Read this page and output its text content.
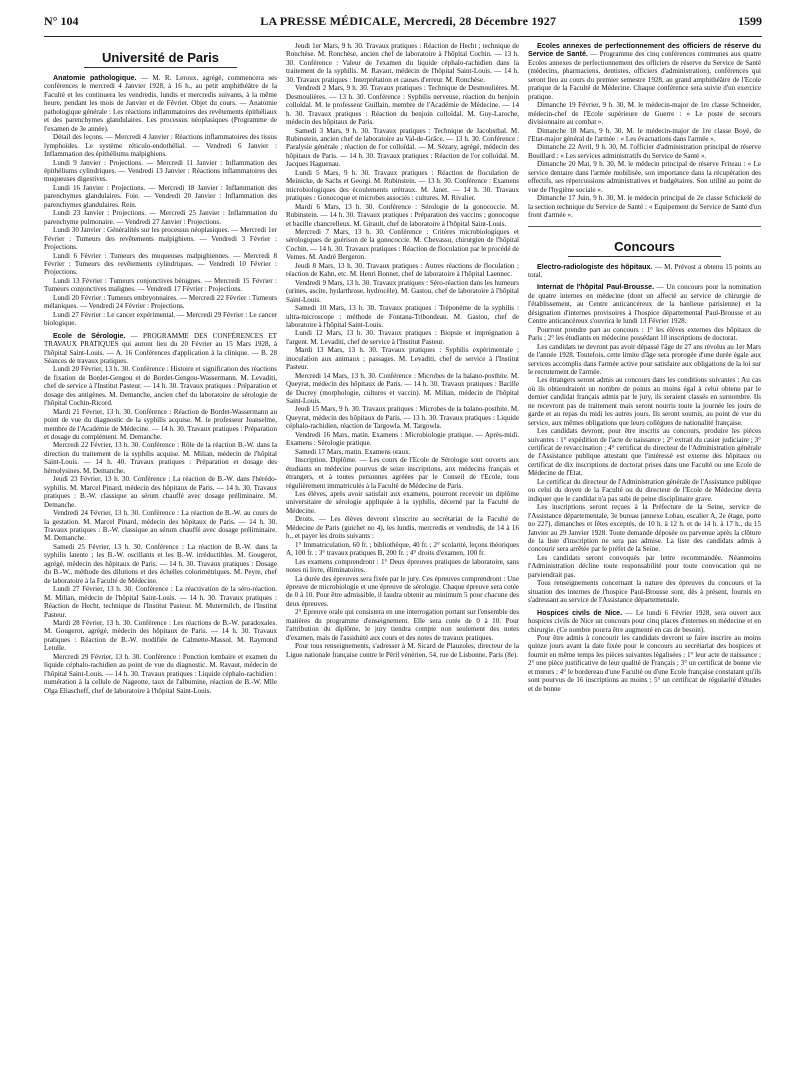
N° 104	LA PRESSE MÉDICALE, Mercredi, 28 Décembre 1927	1599
Université de Paris

Anatomie pathologique. — M. R. Leroux, agrégé, commencera ses conférences le mercredi 4 Janvier 1928, à 16 h., au petit amphithéâtre de la Faculté et les continuera les vendredis, lundis et mercredis suivants, à la même heure, pendant les mois de Janvier et de Février. Objet du cours. — Anatomie pathologique générale : Les réactions inflammatoires des revêtements épithéliaux et des parenchymes glandulaires. Les processus néoplasiques (Programme de l'examen de 3e année).

Détail des leçons. — Mercredi 4 Janvier : Réactions inflammatoires des tissus lymphoïdes. Le système réticulo-endothélial. — Vendredi 6 Janvier : Inflammation des épithéliums malpighiens.

Lundi 9 Janvier : Projections. — Mercredi 11 Janvier : Inflammation des épithéliums cylindriques. — Vendredi 13 Janvier : Réactions inflammatoires des muqueuses digestives.

Lundi 16 Janvier : Projections. — Mercredi 18 Janvier : Inflammation des parenchymes glandulaires. Foie. — Vendredi 20 Janvier : Inflammation des parenchymes glandulaires. Rein.

Lundi 23 Janvier : Projections. — Mercredi 25 Janvier : Inflammation du parenchyme pulmonaire. — Vendredi 27 Janvier : Projections.

Lundi 30 Janvier : Généralités sur les processus néoplasiques. — Mercredi 1er Février : Tumeurs des revêtements malpighiens. — Vendredi 3 Février : Projections.

Lundi 6 Février : Tumeurs des muqueuses malpighiennes. — Mercredi 8 Février : Tumeurs des revêtements cylindriques. — Vendredi 10 Février : Projections.

Lundi 13 Février : Tumeurs conjonctives bénignes. — Mercredi 15 Février : Tumeurs conjonctives malignes. — Vendredi 17 Février : Projections.

Lundi 20 Février : Tumeurs embryonnaires. — Mercredi 22 Février : Tumeurs mélaniques. — Vendredi 24 Février : Projections.

Lundi 27 Février : Le cancer expérimental. — Mercredi 29 Février : Le cancer biologique.

Ecole de Sérologie. — PROGRAMME DES CONFÉRENCES ET TRAVAUX PRATIQUES qui auront lieu du 20 Février au 15 Mars 1928, à l'hôpital Saint-Louis. — A. 16 Conférences d'application à la clinique. — B. 28 Séances de travaux pratiques.

Lundi 20 Février, 13 h. 30. Conférence : Histoire et signification des réactions de fixation de Bordet-Gengou et de Bordet-Gengou-Wassermann. M. Levaditi, chef de service à l'Institut Pasteur. — 14 h. 30. Travaux pratiques : Préparation et dosage des antigènes. M. Demanche, ancien chef du laboratoire de sérologie de l'hôpital Cochin-Ricord.

Mardi 21 Février, 13 h. 30. Conférence : Réaction de Bordet-Wassermann au point de vue du diagnostic de la syphilis acquise. M. le professeur Jeanselme, membre de l'Académie de Médecine. — 14 h. 30. Travaux pratiques : Préparation et dosage du complément. M. Demanche.

Mercredi 22 Février, 13 h. 30. Conférence : Rôle de la réaction B.-W. dans la direction du traitement de la syphilis acquise. M. Milian, médecin de l'hôpital Saint-Louis. — 14 h. 40. Travaux pratiques : Préparation et dosage des hémolysines. M. Demanche.

Jeudi 23 Février, 13 h. 30. Conférence : La réaction de B.-W. dans l'hérédo-syphilis. M. Marcel Pinard, médecin des hôpitaux de Paris. — 14 h. 30. Travaux pratiques : B.-W. classique au sérum chauffé avec dosage préliminaire. M. Demanche.

Vendredi 24 Février, 13 h. 30. Conférence : La réaction de B.-W. au cours de la gestation. M. Marcel Pinard, médecin des hôpitaux de Paris. — 14 h. 30. Travaux pratiques : B.-W. classique au sérum chauffé avec dosage préliminaire. M. Demanche.

Samedi 25 Février, 13 h. 30. Conférence : La réaction de B.-W. dans la syphilis latente ; les B.-W. oscillants et les B.-W. irréductibles. M. Gougerot, agrégé, médecin des hôpitaux de Paris. — 14 h. 30. Travaux pratiques : Dosage du B.-W., méthode des dilutions et des échelles colorimétriques. M. Peyre, chef de laboratoire à la Faculté de Médecine.

Lundi 27 Février, 13 h. 30. Conférence : La réactivation de la séro-réaction. M. Milian, médecin de l'hôpital Saint-Louis. — 14 h. 30. Travaux pratiques : Réaction de Hecht, technique de l'Institut Pasteur. M. Mutermilch, de l'Institut Pasteur.

Mardi 28 Février, 13 h. 30. Conférence : Les réactions de B.-W. paradoxales. M. Gougerot, agrégé, médecin des hôpitaux de Paris. — 14 h. 30. Travaux pratiques : Réaction de B.-W. modifiée de Calmette-Massol. M. Raymond Letulle.

Mercredi 29 Février, 13 h. 30. Conférence : Ponction lombaire et examen du liquide céphalo-rachidien au point de vue du diagnostic. M. Ravaut, médecin de l'hôpital Saint-Louis. — 14 h. 30. Travaux pratiques : Liquide céphalo-rachidien : numération à la cellule de Nageotte, taux de l'albumine, réaction de B.-W. Mlle Olga Eliascheff, chef de laboratoire à l'hôpital Saint-Louis.

Jeudi 1er Mars, 9 h. 30. Travaux pratiques : Réaction de Hecht ; technique de Ronchèse. M. Ronchèse, ancien chef de laboratoire à l'hôpital Cochin. — 13 h. 30. Conférence : Valeur de l'examen du liquide céphalo-rachidien dans la traitement de la syphilis. M. Ravaut, médecin de l'hôpital Saint-Louis. — 14 h. 30. Travaux pratiques : Interprétation et causes d'erreur. M. Ronchèse.

Vendredi 2 Mars, 9 h. 30. Travaux pratiques : Technique de Desmoulières. M. Desmoulières. — 13 h. 30. Conférence : Syphilis nerveuse, réaction du benjoin colloïdal. M. le professeur Guillain, membre de l'Académie de Médecine. — 14 h. 30. Travaux pratiques : Réaction du benjoin colloïdal. M. Guy-Laroche, médecin des hôpitaux de Paris.

Samedi 3 Mars, 9 h. 30. Travaux pratiques : Technique de Jacobsthal. M. Rubinstein, ancien chef de laboratoire au Val-de-Grâce. — 13 h. 30. Conférence : Paralysie générale ; réaction de l'or colloïdal. — M. Sézary, agrégé, médecin des hôpitaux de Paris. — 14 h. 30. Travaux pratiques : Réaction de l'or colloïdal. M. Jacques Haguenau.

Lundi 5 Mars, 9 h. 30. Travaux pratiques : Réaction de floculation de Meinicke, de Sachs et Georgi. M. Rubinstein. — 13 h. 30. Conférence : Examens microbiologiques des écoulements urétraux. M. Janet. — 14 h. 30. Travaux pratiques : Gonocoque et microbes associés : cultures. M. Rivalier.

Mardi 6 Mars, 13 h. 30. Conférence : Sérologie de la gonococcie. M. Rubinstein. — 14 h. 30. Travaux pratiques : Préparation des vaccins ; gonocoque et bacille chancrelleux. M. Girault, chef de laboratoire à l'hôpital Saint-Louis.

Mercredi 7 Mars, 13 h. 30. Conférence : Critères microbiologiques et sérologiques de guérison de la gonococcie. M. Chevassu, chirurgien de l'hôpital Cochin. — 14 h. 30. Travaux pratiques : Réaction de floculation par le procédé de Vernes. M. André Bergeron.

Jeudi 8 Mars, 13 h. 30. Travaux pratiques : Autres réactions de floculation ; réaction de Kahn, etc. M. Henri Bonnet, chef de laboratoire à l'hôpital Laennec.

Vendredi 9 Mars, 13 h. 30. Travaux pratiques : Séro-réaction dans les humeurs (urines, ascite, hydarthrose, hydrocèle). M. Gastou, chef de laboratoire à l'hôpital Saint-Louis.

Samedi 10 Mars, 13 h. 30. Travaux pratiques : Tréponème de la syphilis : ultra-microscope : méthode de Fontana-Tribondeau. M. Gastou, chef de laboratoire à l'hôpital Saint-Louis.

Lundi 12 Mars, 13 h. 30. Travaux pratiques : Biopsie et imprégnation à l'argent. M. Levaditi, chef de service à l'Institut Pasteur.

Mardi 13 Mars, 13 h. 30. Travaux pratiques : Syphilis expérimentale ; inoculation aux animaux ; passages. M. Levaditi, chef de service à l'Institut Pasteur.

Mercredi 14 Mars, 13 h. 30. Conférence : Microbes de la balano-posthite. M. Queyrat, médecin des hôpitaux de Paris. — 14 h. 30. Travaux pratiques : Bacille de Ducrey (morphologie, cultures et vaccin). M. Milian, médecin de l'hôpital Saint-Louis.

Jeudi 15 Mars, 9 h. 30. Travaux pratiques : Microbes de la balano-posthite. M. Queyrat, médecin des hôpitaux de Paris. — 13 h. 30. Travaux pratiques : Liquide céphalo-rachidien, réaction de Targowla. M. Targowla.

Vendredi 16 Mars, matin. Examens : Microbiologie pratique. — Après-midi. Examens : Sérologie pratique.

Samedi 17 Mars, matin. Examens oraux.

Inscription. Diplôme. — Les cours de l'Ecole de Sérologie sont ouverts aux étudiants en médecine pourvus de seize inscriptions, aux médecins français et étrangers, et à toutes personnes agréées par le Conseil de l'Ecole, tous régulièrement immatriculés à la Faculté de Médecine de Paris.

Les élèves, après avoir satisfait aux examens, pourront recevoir un diplôme universitaire de sérologie appliquée à la syphilis, décerné par la Faculté de Médecine.

Droits. — Les élèves devront s'inscrire au secrétariat de la Faculté de Médecine de Paris (guichet no 4), les lundis, mercredis et vendredis, de 14 à 16 h., et payer les droits suivants :

1° Immatriculation, 60 fr. ; bibliothèque, 40 fr. ; 2° scolarité, leçons théoriques A, 100 fr. ; 3° travaux pratiques B, 200 fr. ; 4° droits d'examen, 100 fr.

Les examens comprendront : 1° Deux épreuves pratiques de laboratoire, sans notes ni livre, éliminatoires.

La durée des épreuves sera fixée par le jury. Ces épreuves comprendront : Une épreuve de microbiologie et une épreuve de sérologie. Chaque épreuve sera cotée de 0 à 10. Pour être admissible, il faudra obtenir au minimum 5 pour chacune des deux épreuves.

2° Epreuve orale qui consistera en une interrogation portant sur l'ensemble des matières du programme d'enseignement. Elle sera cotée de 0 à 10. Pour l'attribution du diplôme, le jury tiendra compte non seulement des notes d'examen, mais de l'assiduité aux cours et des notes de travaux pratiques.

Pour tous renseignements, s'adresser à M. Sicard de Plauzoles, directeur de la Ligue nationale française contre le Péril vénérien, 54, rue de Lisbonne, Paris (8e).

Ecoles annexes de perfectionnement des officiers de réserve du Service de Santé. — Programme des cinq conférences communes aux quatre Ecoles annexes de perfectionnement des officiers de réserve du Service de Santé (médecins, pharmaciens, dentistes, officiers d'administration), conférences qui seront lieu au cours du premier semestre 1928, au grand amphithéâtre de l'Ecole pratique de la Faculté de Médecine. Chaque conférence sera suivie d'un exercice pratique.

Dimanche 19 Février, 9 h. 30, M. le médecin-major de 1re classe Schneider, médecin-chef de l'Ecole supérieure de Guerre : « Le poste de secours divisionnaire au combat ».

Dimanche 18 Mars, 9 h. 30, M. le médecin-major de 1re classe Boyé, de l'Etat-major général de l'armée : « Les évacuations dans l'armée ».

Dimanche 22 Avril, 9 h. 30, M. l'officier d'administration principal de réserve Bouillard : « Les services administratifs du Service de Santé ».

Dimanche 20 Mai, 9 h. 30, M. le médecin principal de réserve Friteau : « Le service dentaire dans l'armée mobilisée, son importance dans la récupération des effectifs, ses répercussions administratives et budgétaires. Son utilité au point de vue de l'hygiène sociale ».

Dimanche 17 Juin, 9 h. 30, M. le médecin principal de 2e classe Schickelé de la section technique du Service de Santé : « Equipement du Service de Santé d'un front d'armée ».

Concours

Electro-radiologiste des hôpitaux. — M. Prévost a obtenu 15 points au total.

Internat de l'hôpital Paul-Brousse. — Un concours pour la nomination de quatre internes en médecine (dont un affecté au service de chirurgie de l'établissement, au Centre anticancéreux de la banlieue parisienne) et la désignation d'internes provisoires à l'hospice départemental Paul-Brousse et au Centre anticancéreux s'ouvrira le lundi 13 Février 1928.

Pourront prendre part au concours : 1° les élèves externes des hôpitaux de Paris ; 2° les étudiants en médecine possédant 10 inscriptions de doctorat.

Les candidats ne devront pas avoir dépassé l'âge de 27 ans révolus au 1er Mars de l'année 1928. Toutefois, cette limite d'âge sera prorogée d'une durée égale aux services accomplis dans l'armée active pour satisfaire aux obligations de la loi sur le recrutement de l'armée.

Les étrangers seront admis au concours dans les conditions suivantes : Au cas où ils obtiendraient un nombre de points au moins égal à celui obtenu par le dernier candidat français admis par le jury, ils seraient classés en surnombre. Ils ne recevront pas de traitement mais seront nourris toute la journée les jours de garde et au repas du midi les autres jours. Ils seront soumis, au point de vue du service, aux mêmes obligations que leurs collègues de nationalité française.

Les candidats devront, pour être inscrits au concours, produire les pièces suivantes : 1° expédition de l'acte de naissance ; 2° extrait du casier judiciaire ; 3° certificat de revaccination ; 4° certificat du directeur de l'Administration générale de l'Assistance publique attestant que l'intéressé est externe des hôpitaux ou certificat de dix inscriptions de doctorat prises dans une Faculté ou une Ecole de Médecine de l'Etat.

Le certificat du directeur de l'Administration générale de l'Assistance publique ou celui du doyen de la Faculté ou du directeur de l'Ecole de Médecine devra indiquer que le candidat n'a pas subi de peine disciplinaire grave.

Les inscriptions seront reçues à la Préfecture de la Seine, service de l'Assistance départementale, 3e bureau (annexe Lobau, escalier A, 2e étage, porte no 227), dimanches et fêtes exceptés, de 10 h. à 12 h. et de 14 h. à 17 h., du 15 Janvier au 29 Janvier 1928. Toute demande déposée ou parvenue après la clôture de la liste d'inscription ne sera pas admise. La liste des candidats admis à concourir sera arrêtée par le préfet de la Seine.

Les candidats seront convoqués par lettre recommandée. Néanmoins l'Administration décline toute responsabilité pour toute convocation qui ne parviendrait pas.

Tous renseignements concernant la nature des épreuves du concours et la situation des internes de l'hospice Paul-Brousse sont, dès à présent, fournis en s'adressant au service de l'Assistance départementale.

Hospices civils de Nice. — Le lundi 6 Février 1928, sera ouvert aux hospices civils de Nice un concours pour cinq places d'internes en médecine et en chirurgie. (Ce nombre pourra être augmenté en cas de besoin).

Pour être admis à concourir les candidats devront se faire inscrire au moins quinze jours avant la date fixée pour le concours au secrétariat des hospices et fournir en même temps les pièces suivantes légalisées : 1° leur acte de naissance ; 2° une pièce justificative de leur qualité de Français ; 3° un certificat de bonne vie et mœurs ; 4° le bordereau d'une Faculté ou d'une Ecole française constatant qu'ils sont pourvus de 16 inscriptions au moins ; 5° un certificat de régularité d'études et de bonne
